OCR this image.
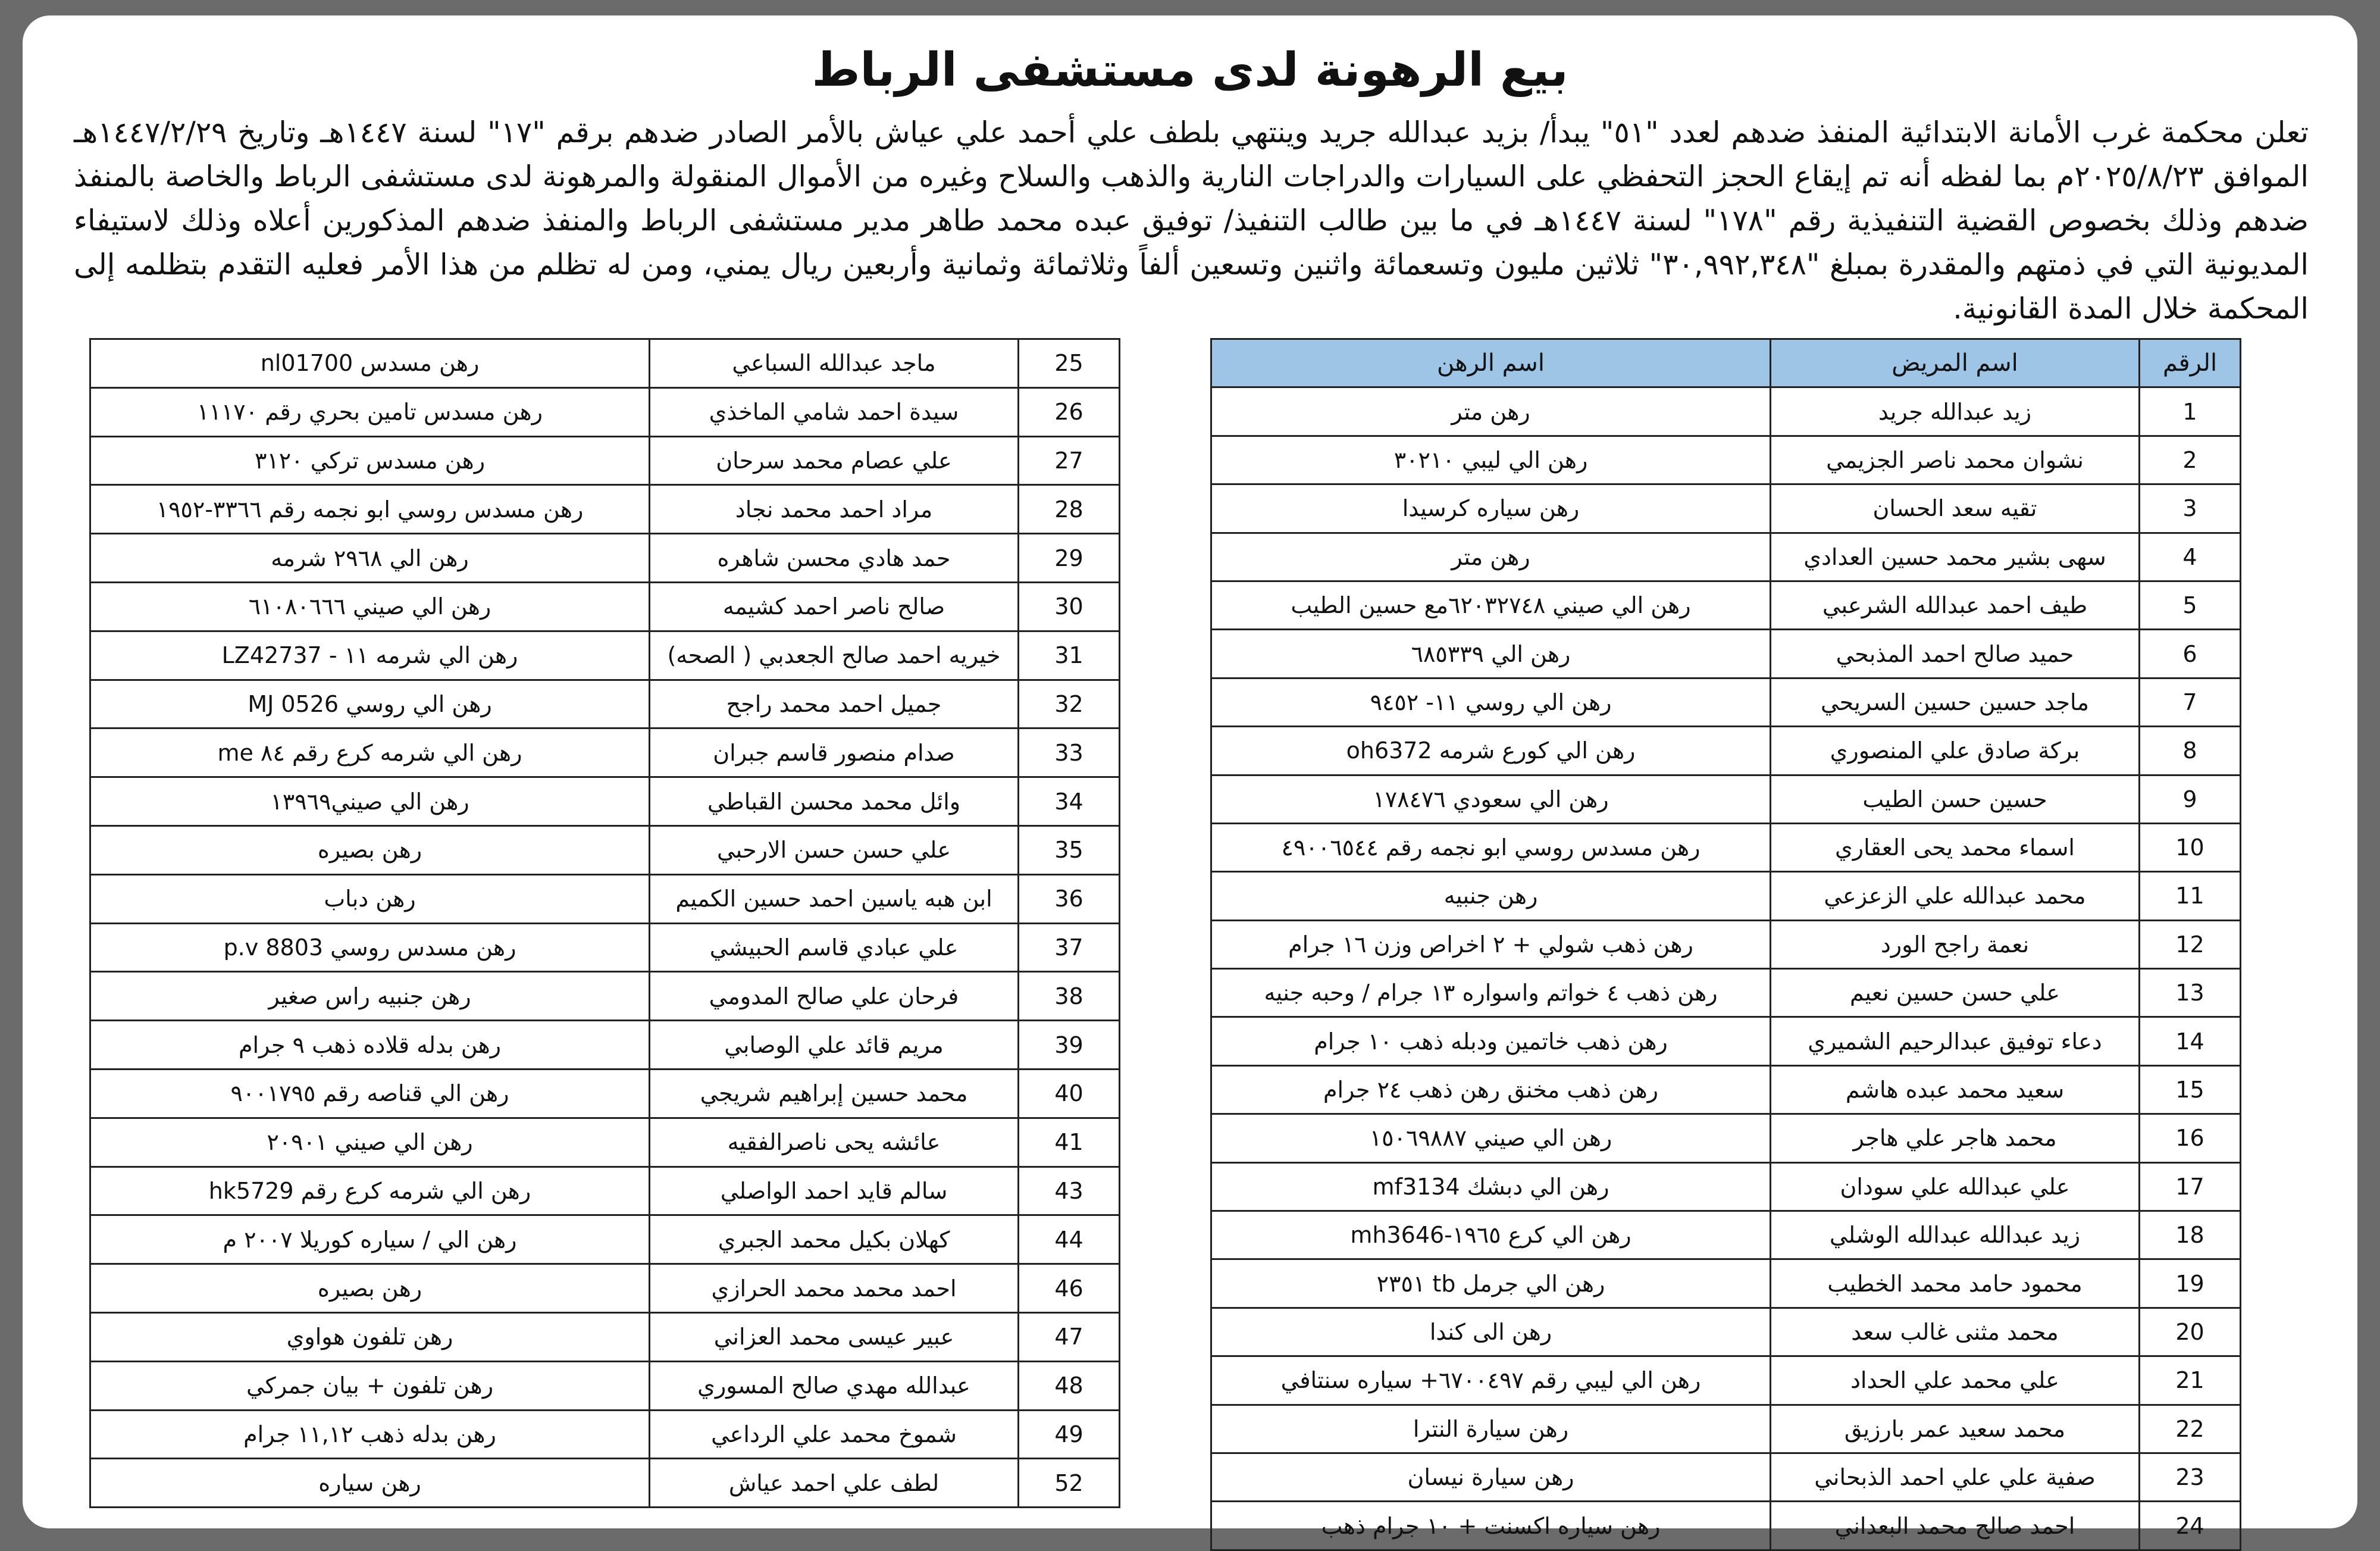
بيع الرهونة لدى مستشفى الرباط

تعلن محكمة غرب الأمانة الابتدائية المنفذ ضدهم لعدد "٥١" يبدأ/ بزيد عبدالله جريد وينتهي بلطف علي أحمد علي عياش بالأمر الصادر ضدهم برقم "١٧" لسنة ١٤٤٧هـ وتاريخ ١٤٤٧/٢/٢٩هـ الموافق ٢٠٢٥/٨/٢٣م بما لفظه أنه تم إيقاع الحجز التحفظي على السيارات والدراجات النارية والذهب والسلاح وغيره من الأموال المنقولة والمرهونة لدى مستشفى الرباط والخاصة بالمنفذ ضدهم وذلك بخصوص القضية التنفيذية رقم "١٧٨" لسنة ١٤٤٧هـ في ما بين طالب التنفيذ/ توفيق عبده محمد طاهر مدير مستشفى الرباط والمنفذ ضدهم المذكورين أعلاه وذلك لاستيفاء المديونية التي في ذمتهم والمقدرة بمبلغ "٣٠,٩٩٢,٣٤٨" ثلاثين مليون وتسعمائة واثنين وتسعين ألفاً وثلاثمائة وثمانية وأربعين ريال يمني، ومن له تظلم من هذا الأمر فعليه التقدم بتظلمه إلى المحكمة خلال المدة القانونية.

الرقم	اسم المريض	اسم الرهن
1	زيد عبدالله جريد	رهن متر
2	نشوان محمد ناصر الجزيمي	رهن الي ليبي ٣٠٢١٠
3	تقيه سعد الحسان	رهن سياره كرسيدا
4	سهى بشير محمد حسين العدادي	رهن متر
5	طيف احمد عبدالله الشرعبي	رهن الي صيني ٦٢٠٣٢٧٤٨مع حسين الطيب
6	حميد صالح احمد المذبحي	رهن الي ٦٨٥٣٣٩
7	ماجد حسين حسين السريحي	رهن الي روسي ١١- ٩٤٥٢
8	بركة صادق علي المنصوري	رهن الي كورع شرمه oh6372
9	حسين حسن الطيب	رهن الي سعودي ١٧٨٤٧٦
10	اسماء محمد يحى العقاري	رهن مسدس روسي ابو نجمه رقم ٤٩٠٠٦٥٤٤
11	محمد عبدالله علي الزعزعي	رهن جنبيه
12	نعمة راجح الورد	رهن ذهب شولي + ٢ اخراص وزن ١٦ جرام
13	علي حسن حسين نعيم	رهن ذهب ٤ خواتم واسواره ١٣ جرام / وحبه جنيه
14	دعاء توفيق عبدالرحيم الشميري	رهن ذهب خاتمين ودبله ذهب ١٠ جرام
15	سعيد محمد عبده هاشم	رهن ذهب مخنق رهن ذهب ٢٤ جرام
16	محمد هاجر علي هاجر	رهن الي صيني ١٥٠٦٩٨٨٧
17	علي عبدالله علي سودان	رهن الي دبشك mf3134
18	زيد عبدالله عبدالله الوشلي	رهن الي كرع ١٩٦٥-mh3646
19	محمود حامد محمد الخطيب	رهن الي جرمل tb ٢٣٥١
20	محمد مثنى غالب سعد	رهن الى كندا
21	علي محمد علي الحداد	رهن الي ليبي رقم ٦٧٠٠٤٩٧+ سياره سنتافي
22	محمد سعيد عمر بارزيق	رهن سيارة النترا
23	صفية علي علي احمد الذبحاني	رهن سيارة نيسان
24	احمد صالح محمد البعداني	رهن سياره اكسنت + ١٠ جرام ذهب
25	ماجد عبدالله السباعي	رهن مسدس nl01700
26	سيدة احمد شامي الماخذي	رهن مسدس تامين بحري رقم ١١١٧٠
27	علي عصام محمد سرحان	رهن مسدس تركي ٣١٢٠
28	مراد احمد محمد نجاد	رهن مسدس روسي ابو نجمه رقم ٣٣٦٦-١٩٥٢
29	حمد هادي محسن شاهره	رهن الي ٢٩٦٨ شرمه
30	صالح ناصر احمد كشيمه	رهن الي صيني ٦١٠٨٠٦٦٦
31	خيريه احمد صالح الجعدبي ( الصحه)	رهن الي شرمه ١١ - LZ42737
32	جميل احمد محمد راجح	رهن الي روسي MJ 0526
33	صدام منصور قاسم جبران	رهن الي شرمه كرع رقم ٨٤ me
34	وائل محمد محسن القباطي	رهن الي صيني١٣٩٦٩
35	علي حسن حسن الارحبي	رهن بصيره
36	ابن هبه ياسين احمد حسين الكميم	رهن دباب
37	علي عبادي قاسم الحبيشي	رهن مسدس روسي 8803 p.v
38	فرحان علي صالح المدومي	رهن جنبيه راس صغير
39	مريم قائد علي الوصابي	رهن بدله قلاده ذهب ٩ جرام
40	محمد حسين إبراهيم شريجي	رهن الي قناصه رقم ٩٠٠١٧٩٥
41	عائشه يحى ناصرالفقيه	رهن الي صيني ٢٠٩٠١
43	سالم قايد احمد الواصلي	رهن الي شرمه كرع رقم hk5729
44	كهلان بكيل محمد الجبري	رهن الي / سياره كوريلا ٢٠٠٧ م
46	احمد محمد محمد الحرازي	رهن بصيره
47	عبير عيسى محمد العزاني	رهن تلفون هواوي
48	عبدالله مهدي صالح المسوري	رهن تلفون + بيان جمركي
49	شموخ محمد علي الرداعي	رهن بدله ذهب ١١,١٢ جرام
52	لطف علي احمد عياش	رهن سياره
